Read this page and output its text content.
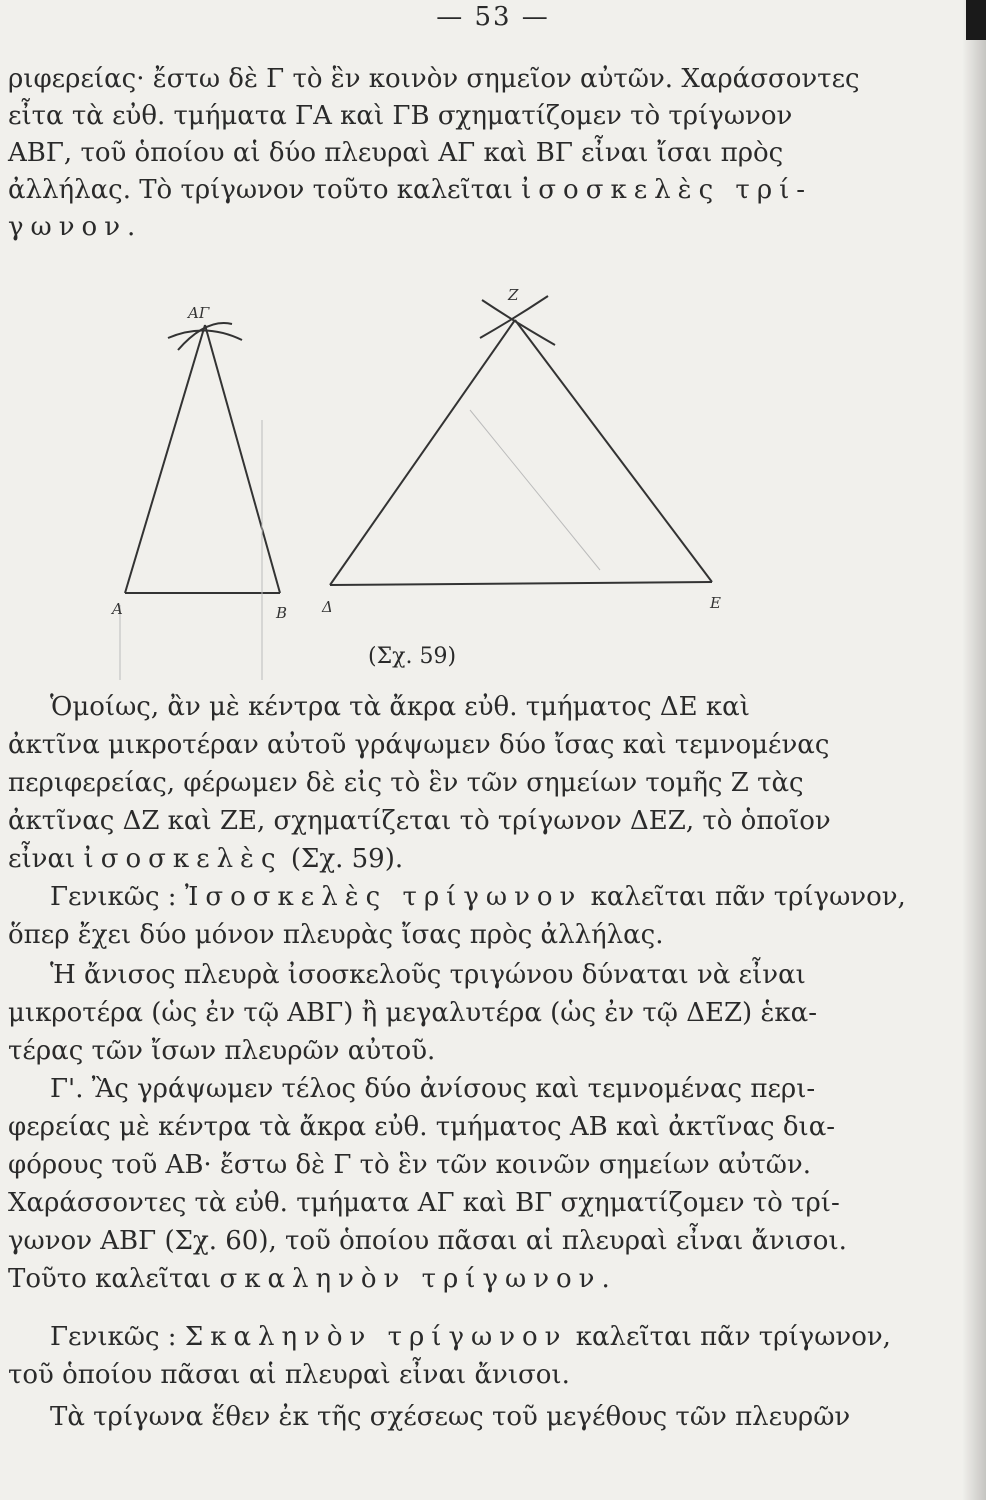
— 53 —
ριφερείας· ἔστω δὲ Γ τὸ ἓν κοινὸν σημεῖον αὐτῶν. Χαράσσοντες
εἶτα τὰ εὐθ. τμήματα ΓΑ καὶ ΓΒ σχηματίζομεν τὸ τρίγωνον
ΑΒΓ, τοῦ ὁποίου αἱ δύο πλευραὶ ΑΓ καὶ ΒΓ εἶναι ἴσαι πρὸς
ἀλλήλας. Τὸ τρίγωνον τοῦτο καλεῖται ἰσοσκελὲς τρί-
γωνον.
ΑΓ
Α	Β
Ζ
Δ	Ε
(Σχ. 59)
Ὁμοίως, ἂν μὲ κέντρα τὰ ἄκρα εὐθ. τμήματος ΔΕ καὶ
ἀκτῖνα μικροτέραν αὐτοῦ γράψωμεν δύο ἴσας καὶ τεμνομένας
περιφερείας, φέρωμεν δὲ εἰς τὸ ἓν τῶν σημείων τομῆς Ζ τὰς
ἀκτῖνας ΔΖ καὶ ΖΕ, σχηματίζεται τὸ τρίγωνον ΔΕΖ, τὸ ὁποῖον
εἶναι ἰσοσκελὲς (Σχ. 59).
Γενικῶς : Ἰσοσκελὲς τρίγωνον καλεῖται πᾶν τρίγωνον,
ὅπερ ἔχει δύο μόνον πλευρὰς ἴσας πρὸς ἀλλήλας.
Ἡ ἄνισος πλευρὰ ἰσοσκελοῦς τριγώνου δύναται νὰ εἶναι
μικροτέρα (ὡς ἐν τῷ ΑΒΓ) ἢ μεγαλυτέρα (ὡς ἐν τῷ ΔΕΖ) ἑκα-
τέρας τῶν ἴσων πλευρῶν αὐτοῦ.
Γ'. Ἂς γράψωμεν τέλος δύο ἀνίσους καὶ τεμνομένας περι-
φερείας μὲ κέντρα τὰ ἄκρα εὐθ. τμήματος ΑΒ καὶ ἀκτῖνας δια-
φόρους τοῦ ΑΒ· ἔστω δὲ Γ τὸ ἓν τῶν κοινῶν σημείων αὐτῶν.
Χαράσσοντες τὰ εὐθ. τμήματα ΑΓ καὶ ΒΓ σχηματίζομεν τὸ τρί-
γωνον ΑΒΓ (Σχ. 60), τοῦ ὁποίου πᾶσαι αἱ πλευραὶ εἶναι ἄνισοι.
Τοῦτο καλεῖται σκαληνὸν τρίγωνον.
Γενικῶς : Σκαληνὸν τρίγωνον καλεῖται πᾶν τρίγωνον,
τοῦ ὁποίου πᾶσαι αἱ πλευραὶ εἶναι ἄνισοι.
Τὰ τρίγωνα ἕθεν ἐκ τῆς σχέσεως τοῦ μεγέθους τῶν πλευρῶν
